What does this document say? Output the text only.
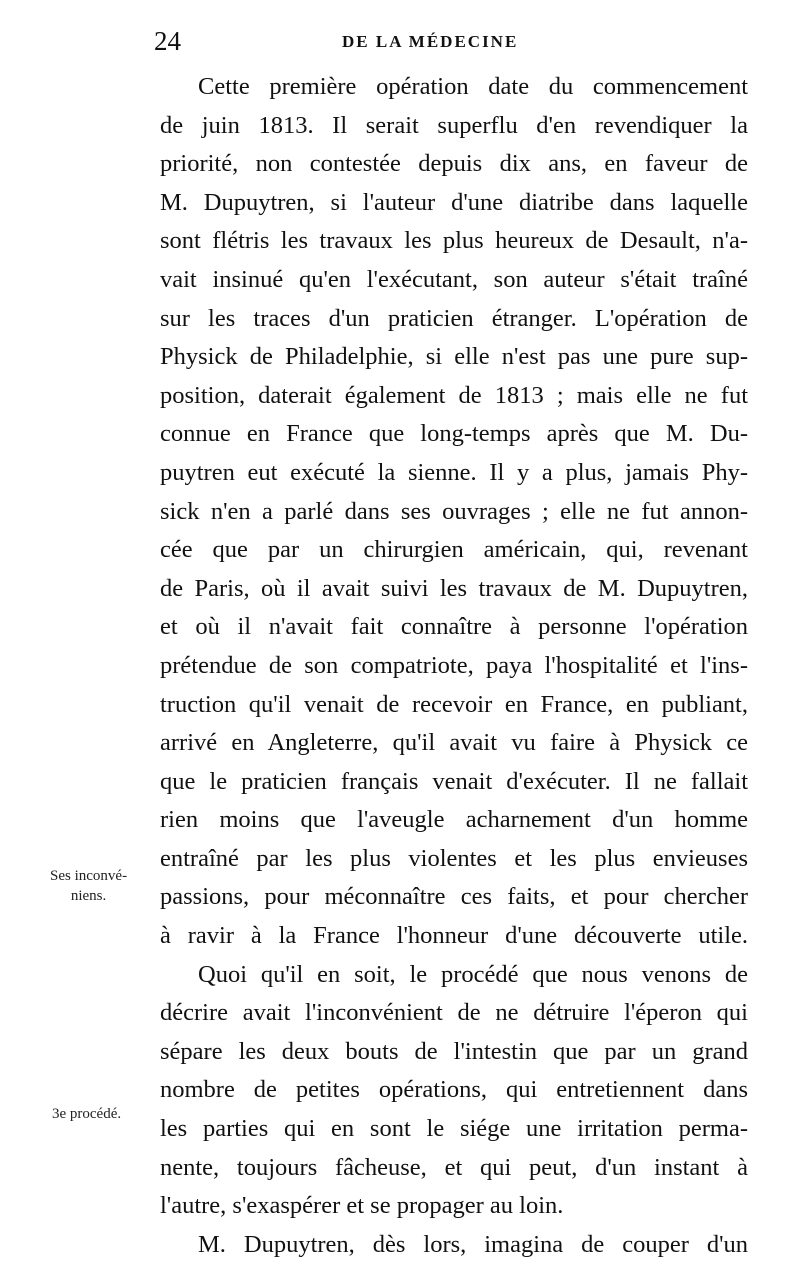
24	DE LA MÉDECINE
Cette première opération date du commencement
de juin 1813. Il serait superflu d'en revendiquer la
priorité, non contestée depuis dix ans, en faveur de
M. Dupuytren, si l'auteur d'une diatribe dans laquelle
sont flétris les travaux les plus heureux de Desault, n'a-
vait insinué qu'en l'exécutant, son auteur s'était traîné
sur les traces d'un praticien étranger. L'opération de
Physick de Philadelphie, si elle n'est pas une pure sup-
position, daterait également de 1813 ; mais elle ne fut
connue en France que long-temps après que M. Du-
puytren eut exécuté la sienne. Il y a plus, jamais Phy-
sick n'en a parlé dans ses ouvrages ; elle ne fut annon-
cée que par un chirurgien américain, qui, revenant
de Paris, où il avait suivi les travaux de M. Dupuytren,
et où il n'avait fait connaître à personne l'opération
prétendue de son compatriote, paya l'hospitalité et l'ins-
truction qu'il venait de recevoir en France, en publiant,
arrivé en Angleterre, qu'il avait vu faire à Physick ce
que le praticien français venait d'exécuter. Il ne fallait
rien moins que l'aveugle acharnement d'un homme
entraîné par les plus violentes et les plus envieuses
passions, pour méconnaître ces faits, et pour chercher
à ravir à la France l'honneur d'une découverte utile.
Quoi qu'il en soit, le procédé que nous venons de
décrire avait l'inconvénient de ne détruire l'éperon qui
sépare les deux bouts de l'intestin que par un grand
nombre de petites opérations, qui entretiennent dans
les parties qui en sont le siége une irritation perma-
nente, toujours fâcheuse, et qui peut, d'un instant à
l'autre, s'exaspérer et se propager au loin.
M. Dupuytren, dès lors, imagina de couper d'un
Ses inconvé-
niens.
3e procédé.
